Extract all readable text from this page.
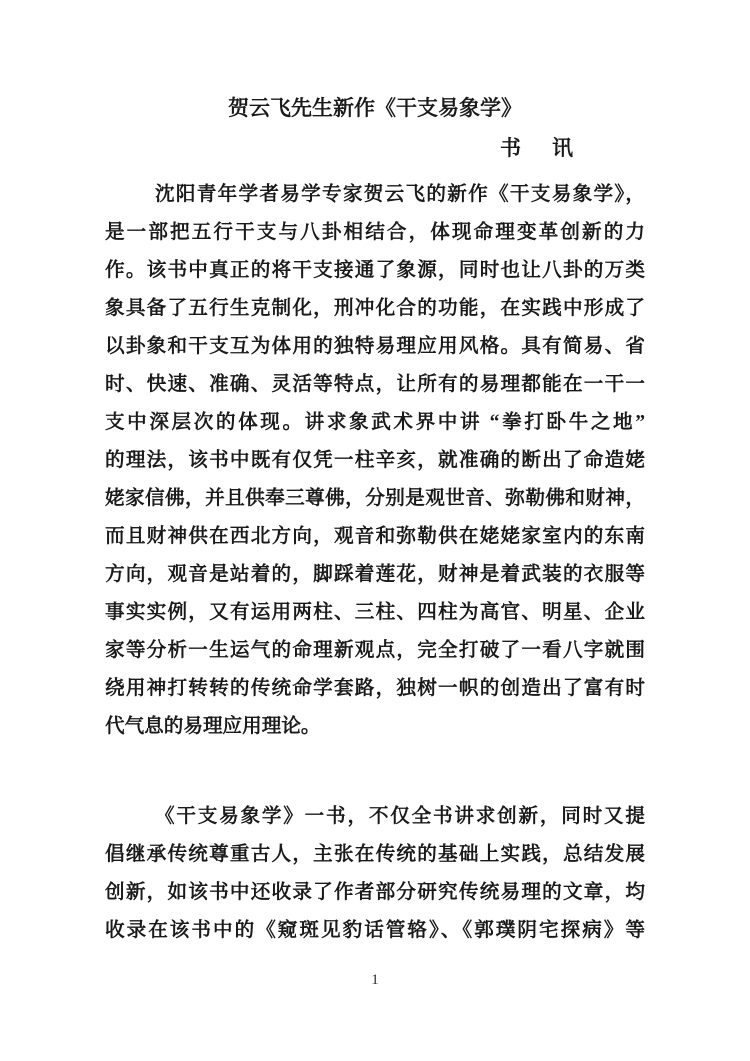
贺云飞先生新作《干支易象学》
书 讯
沈阳青年学者易学专家贺云飞的新作《干支易象学》，
是一部把五行干支与八卦相结合，体现命理变革创新的力
作。该书中真正的将干支接通了象源，同时也让八卦的万类
象具备了五行生克制化，刑冲化合的功能，在实践中形成了
以卦象和干支互为体用的独特易理应用风格。具有简易、省
时、快速、准确、灵活等特点，让所有的易理都能在一干一
支中深层次的体现。讲求象武术界中讲 “拳打卧牛之地”
的理法，该书中既有仅凭一柱辛亥，就准确的断出了命造姥
姥家信佛，并且供奉三尊佛，分别是观世音、弥勒佛和财神，
而且财神供在西北方向，观音和弥勒供在姥姥家室内的东南
方向，观音是站着的，脚踩着莲花，财神是着武装的衣服等
事实实例，又有运用两柱、三柱、四柱为高官、明星、企业
家等分析一生运气的命理新观点，完全打破了一看八字就围
绕用神打转转的传统命学套路，独树一帜的创造出了富有时
代气息的易理应用理论。
《干支易象学》一书，不仅全书讲求创新，同时又提
倡继承传统尊重古人，主张在传统的基础上实践，总结发展
创新，如该书中还收录了作者部分研究传统易理的文章，均
收录在该书中的《窥斑见豹话管辂》、《郭璞阴宅探病》等
1
